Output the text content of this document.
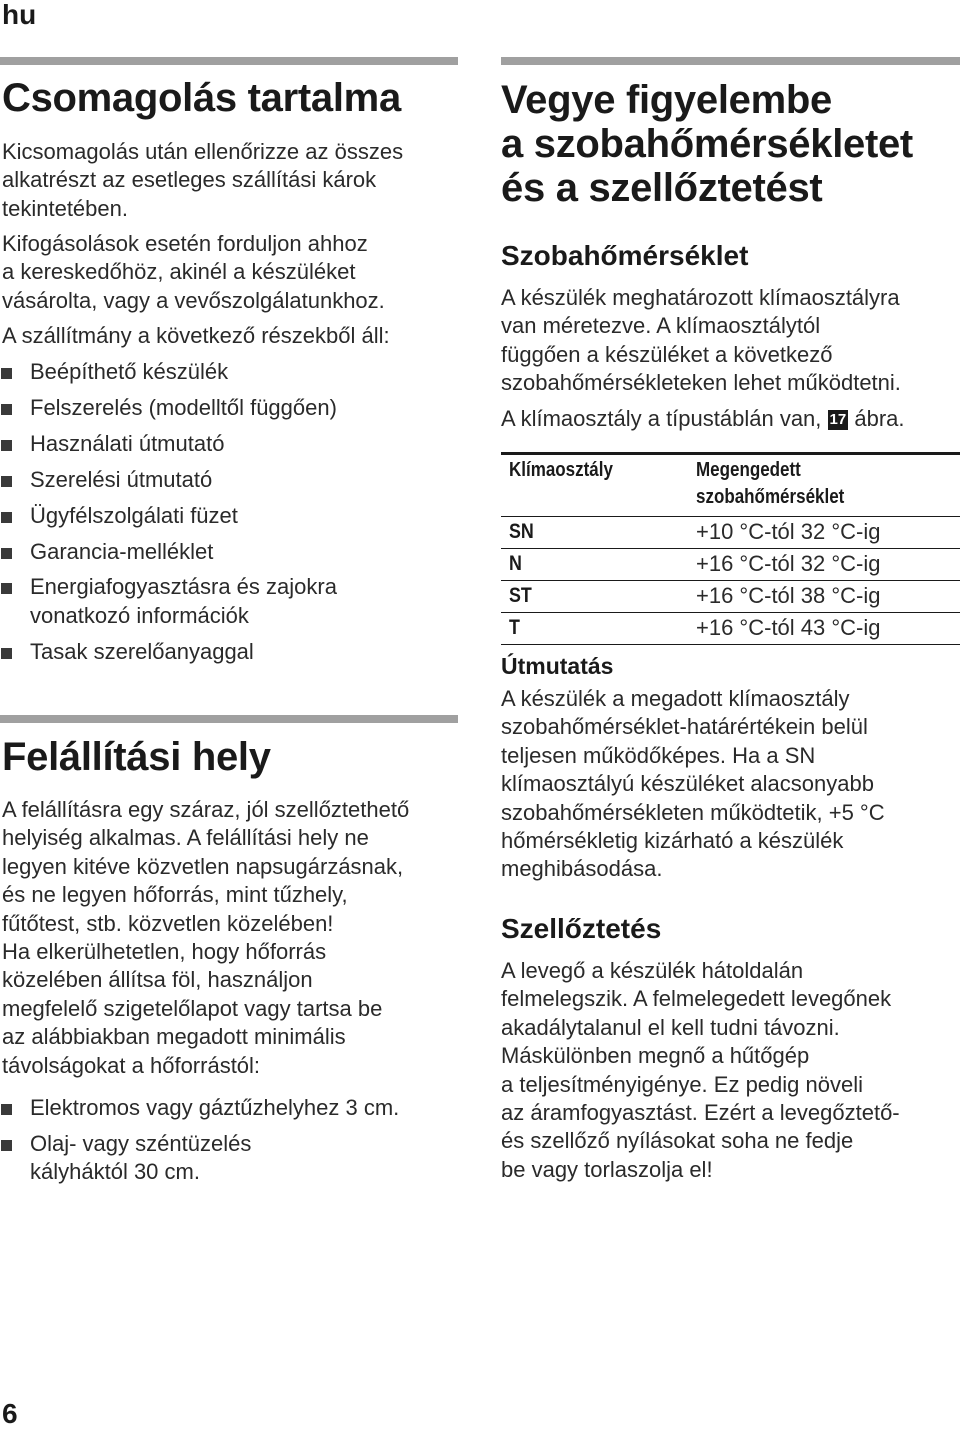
hu
Csomagolás tartalma

Kicsomagolás után ellenőrizze az összes
alkatrészt az esetleges szállítási károk
tekintetében.

Kifogásolások esetén forduljon ahhoz
a kereskedőhöz, akinél a készüléket
vásárolta, vagy a vevőszolgálatunkhoz.

A szállítmány a következő részekből áll:

Beépíthető készülék
Felszerelés (modelltől függően)
Használati útmutató
Szerelési útmutató
Ügyfélszolgálati füzet
Garancia-melléklet
Energiafogyasztásra és zajokra
vonatkozó információk
Tasak szerelőanyaggal
Felállítási hely

A felállításra egy száraz, jól szellőztethető
helyiség alkalmas. A felállítási hely ne
legyen kitéve közvetlen napsugárzásnak,
és ne legyen hőforrás, mint tűzhely,
fűtőtest, stb. közvetlen közelében!
Ha elkerülhetetlen, hogy hőforrás
közelében állítsa föl, használjon
megfelelő szigetelőlapot vagy tartsa be
az alábbiakban megadott minimális
távolságokat a hőforrástól:

Elektromos vagy gáztűzhelyhez 3 cm.
Olaj- vagy széntüzelés
kályháktól 30 cm.
Vegye figyelembe
a szobahőmérsékletet
és a szellőztetést
Szobahőmérséklet

A készülék meghatározott klímaosztályra
van méretezve. A klímaosztálytól
függően a készüléket a következő
szobahőmérsékleteken lehet működtetni.

A klímaosztály a típustáblán van, 17 ábra.

Klímaosztály	Megengedett
szobahőmérséklet
SN	+10 °C-tól 32 °C-ig
N	+16 °C-tól 32 °C-ig
ST	+16 °C-tól 38 °C-ig
T	+16 °C-tól 43 °C-ig
Útmutatás

A készülék a megadott klímaosztály
szobahőmérséklet-határértékein belül
teljesen működőképes. Ha a SN
klímaosztályú készüléket alacsonyabb
szobahőmérsékleten működtetik, +5 °C
hőmérsékletig kizárható a készülék
meghibásodása.

Szellőztetés

A levegő a készülék hátoldalán
felmelegszik. A felmelegedett levegőnek
akadálytalanul el kell tudni távozni.
Máskülönben megnő a hűtőgép
a teljesítményigénye. Ez pedig növeli
az áramfogyasztást. Ezért a levegőztető-
és szellőző nyílásokat soha ne fedje
be vagy torlaszolja el!

6
